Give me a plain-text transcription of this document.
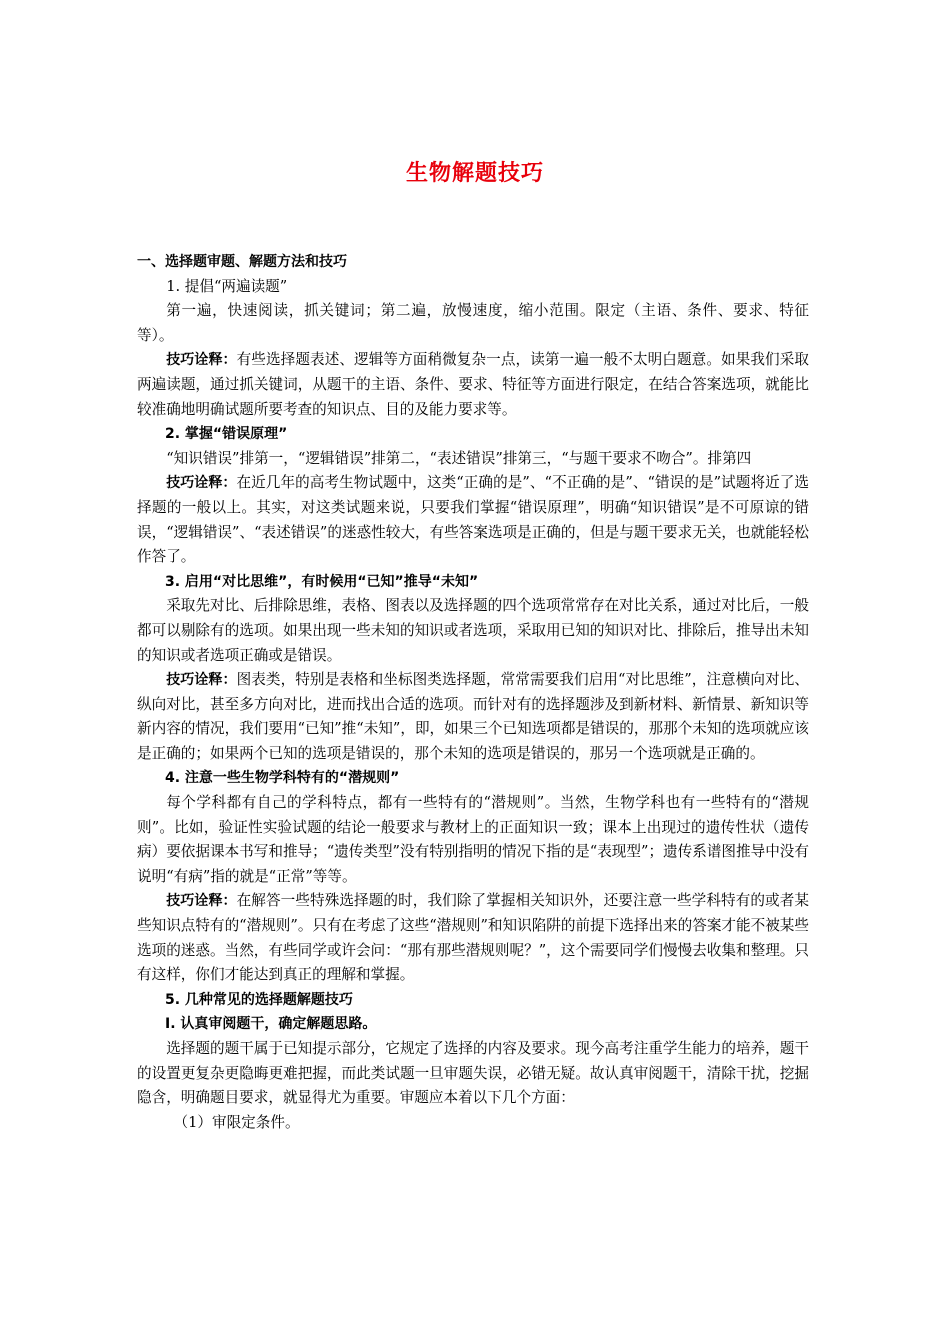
生物解题技巧

一、选择题审题、解题方法和技巧

1. 提倡“两遍读题”

第一遍，快速阅读，抓关键词；第二遍，放慢速度，缩小范围。限定（主语、条件、要求、特征等）。

技巧诠释：有些选择题表述、逻辑等方面稍微复杂一点，读第一遍一般不太明白题意。如果我们采取两遍读题，通过抓关键词，从题干的主语、条件、要求、特征等方面进行限定，在结合答案选项，就能比较准确地明确试题所要考查的知识点、目的及能力要求等。

2. 掌握“错误原理”

“知识错误”排第一，“逻辑错误”排第二，“表述错误”排第三，“与题干要求不吻合”。排第四

技巧诠释：在近几年的高考生物试题中，这类“正确的是”、“不正确的是”、“错误的是”试题将近了选择题的一般以上。其实，对这类试题来说，只要我们掌握“错误原理”，明确“知识错误”是不可原谅的错误，“逻辑错误”、“表述错误”的迷惑性较大，有些答案选项是正确的，但是与题干要求无关，也就能轻松作答了。

3. 启用“对比思维”，有时候用“已知”推导“未知”

采取先对比、后排除思维，表格、图表以及选择题的四个选项常常存在对比关系，通过对比后，一般都可以剔除有的选项。如果出现一些未知的知识或者选项，采取用已知的知识对比、排除后，推导出未知的知识或者选项正确或是错误。

技巧诠释：图表类，特别是表格和坐标图类选择题，常常需要我们启用“对比思维”，注意横向对比、纵向对比，甚至多方向对比，进而找出合适的选项。而针对有的选择题涉及到新材料、新情景、新知识等新内容的情况，我们要用“已知”推“未知”，即，如果三个已知选项都是错误的，那那个未知的选项就应该是正确的；如果两个已知的选项是错误的，那个未知的选项是错误的，那另一个选项就是正确的。

4. 注意一些生物学科特有的“潜规则”

每个学科都有自己的学科特点，都有一些特有的“潜规则”。当然，生物学科也有一些特有的“潜规则”。比如，验证性实验试题的结论一般要求与教材上的正面知识一致；课本上出现过的遗传性状（遗传病）要依据课本书写和推导；“遗传类型”没有特别指明的情况下指的是“表现型”；遗传系谱图推导中没有说明“有病”指的就是“正常”等等。

技巧诠释：在解答一些特殊选择题的时，我们除了掌握相关知识外，还要注意一些学科特有的或者某些知识点特有的“潜规则”。只有在考虑了这些“潜规则”和知识陷阱的前提下选择出来的答案才能不被某些选项的迷惑。当然，有些同学或许会问：“那有那些潜规则呢？”，这个需要同学们慢慢去收集和整理。只有这样，你们才能达到真正的理解和掌握。

5. 几种常见的选择题解题技巧

Ⅰ. 认真审阅题干，确定解题思路。

选择题的题干属于已知提示部分，它规定了选择的内容及要求。现今高考注重学生能力的培养，题干的设置更复杂更隐晦更难把握，而此类试题一旦审题失误，必错无疑。故认真审阅题干，清除干扰，挖掘隐含，明确题目要求，就显得尤为重要。审题应本着以下几个方面：

（1）审限定条件。
